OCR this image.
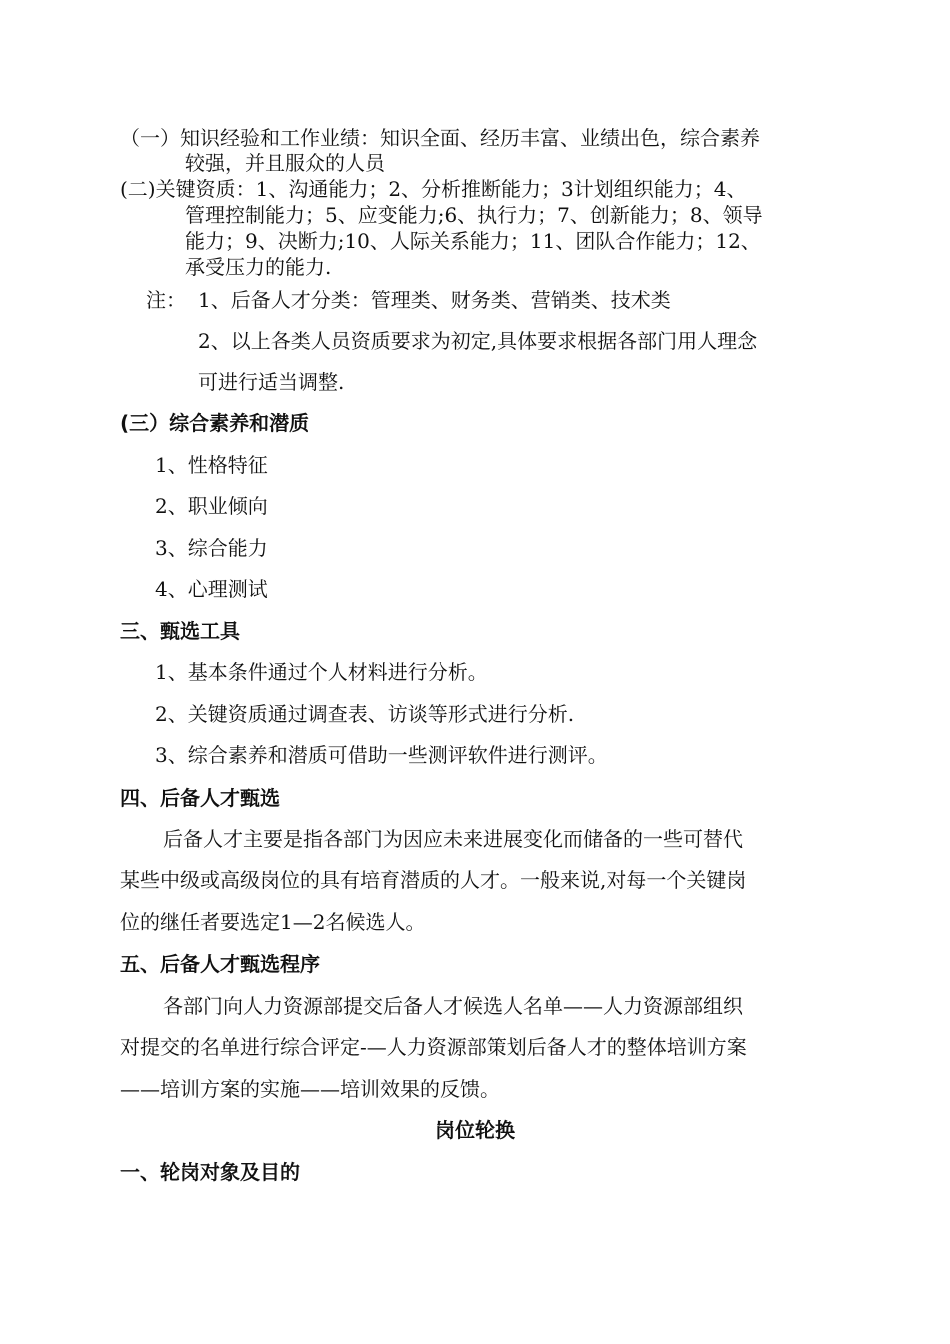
（一）知识经验和工作业绩：知识全面、经历丰富、业绩出色，综合素养
较强，并且服众的人员
(二)关键资质：1、沟通能力；2、分析推断能力；3计划组织能力；4、
管理控制能力；5、应变能力;6、执行力；7、创新能力；8、领导
能力；9、决断力;10、人际关系能力；11、团队合作能力；12、
承受压力的能力.
注： 1、后备人才分类：管理类、财务类、营销类、技术类
2、以上各类人员资质要求为初定,具体要求根据各部门用人理念
可进行适当调整.
(三）综合素养和潜质
1、性格特征
2、职业倾向
3、综合能力
4、心理测试
三、甄选工具
1、基本条件通过个人材料进行分析。
2、关键资质通过调查表、访谈等形式进行分析.
3、综合素养和潜质可借助一些测评软件进行测评。
四、后备人才甄选
后备人才主要是指各部门为因应未来进展变化而储备的一些可替代
某些中级或高级岗位的具有培育潜质的人才。一般来说,对每一个关键岗
位的继任者要选定1—2名候选人。
五、后备人才甄选程序
各部门向人力资源部提交后备人才候选人名单——人力资源部组织
对提交的名单进行综合评定-—人力资源部策划后备人才的整体培训方案
——培训方案的实施——培训效果的反馈。
岗位轮换
一、轮岗对象及目的
